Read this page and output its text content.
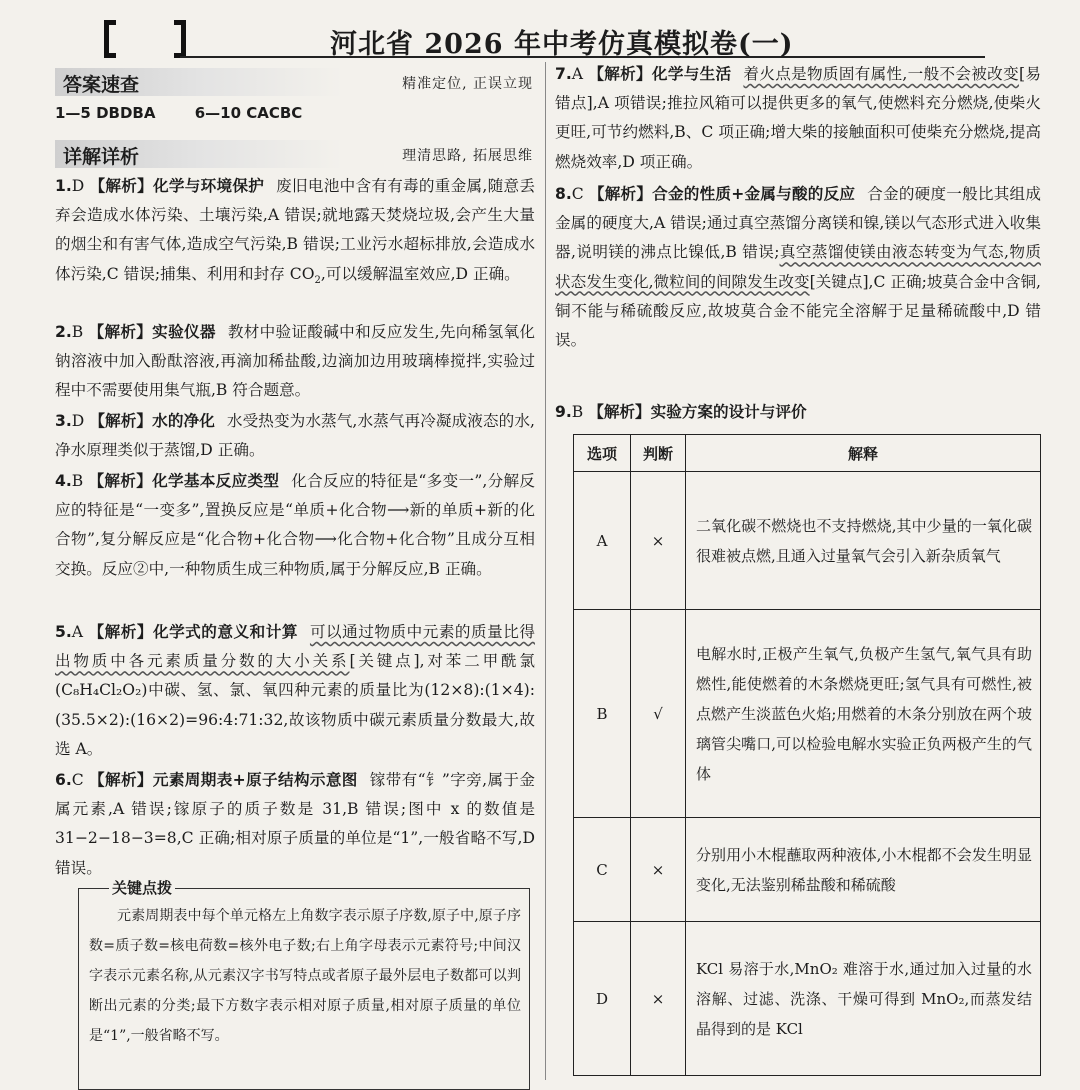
河北省 2026 年中考仿真模拟卷(一)
答案速查	精准定位, 正误立现
1—5 DBDBA	6—10 CACBC
详解详析	理清思路, 拓展思维
1.D 【解析】化学与环境保护 废旧电池中含有有毒的重金属,随意丢弃会造成水体污染、土壤污染,A 错误;就地露天焚烧垃圾,会产生大量的烟尘和有害气体,造成空气污染,B 错误;工业污水超标排放,会造成水体污染,C 错误;捕集、利用和封存 $CO_2$,可以缓解温室效应,D 正确。
2.B 【解析】实验仪器 教材中验证酸碱中和反应发生,先向稀氢氧化钠溶液中加入酚酞溶液,再滴加稀盐酸,边滴加边用玻璃棒搅拌,实验过程中不需要使用集气瓶,B 符合题意。
3.D 【解析】水的净化 水受热变为水蒸气,水蒸气再冷凝成液态的水,净水原理类似于蒸馏,D 正确。
4.B 【解析】化学基本反应类型 化合反应的特征是“多变一”,分解反应的特征是“一变多”,置换反应是“单质+化合物⟶新的单质+新的化合物”,复分解反应是“化合物+化合物⟶化合物+化合物”且成分互相交换。反应②中,一种物质生成三种物质,属于分解反应,B 正确。
5.A 【解析】化学式的意义和计算 可以通过物质中元素的质量比得出物质中各元素质量分数的大小关系[关键点],对苯二甲酰氯(C₈H₄Cl₂O₂)中碳、氢、氯、氧四种元素的质量比为(12×8):(1×4):(35.5×2):(16×2)=96:4:71:32,故该物质中碳元素质量分数最大,故选 A。
6.C 【解析】元素周期表+原子结构示意图 镓带有“钅”字旁,属于金属元素,A 错误;镓原子的质子数是 31,B 错误;图中 x 的数值是 31−2−18−3=8,C 正确;相对原子质量的单位是“1”,一般省略不写,D 错误。
关键点拨
元素周期表中每个单元格左上角数字表示原子序数,原子中,原子序数=质子数=核电荷数=核外电子数;右上角字母表示元素符号;中间汉字表示元素名称,从元素汉字书写特点或者原子最外层电子数都可以判断出元素的分类;最下方数字表示相对原子质量,相对原子质量的单位是“1”,一般省略不写。
7.A 【解析】化学与生活 着火点是物质固有属性,一般不会被改变[易错点],A 项错误;推拉风箱可以提供更多的氧气,使燃料充分燃烧,使柴火更旺,可节约燃料,B、C 项正确;增大柴的接触面积可使柴充分燃烧,提高燃烧效率,D 项正确。
8.C 【解析】合金的性质+金属与酸的反应 合金的硬度一般比其组成金属的硬度大,A 错误;通过真空蒸馏分离镁和镍,镁以气态形式进入收集器,说明镁的沸点比镍低,B 错误;真空蒸馏使镁由液态转变为气态,物质状态发生变化,微粒间的间隙发生改变[关键点],C 正确;坡莫合金中含铜,铜不能与稀硫酸反应,故坡莫合金不能完全溶解于足量稀硫酸中,D 错误。
9.B 【解析】实验方案的设计与评价
选项	判断	解释
A	×	二氧化碳不燃烧也不支持燃烧,其中少量的一氧化碳很难被点燃,且通入过量氧气会引入新杂质氧气
B	√	电解水时,正极产生氧气,负极产生氢气,氧气具有助燃性,能使燃着的木条燃烧更旺;氢气具有可燃性,被点燃产生淡蓝色火焰;用燃着的木条分别放在两个玻璃管尖嘴口,可以检验电解水实验正负两极产生的气体
C	×	分别用小木棍蘸取两种液体,小木棍都不会发生明显变化,无法鉴别稀盐酸和稀硫酸
D	×	KCl 易溶于水,MnO₂ 难溶于水,通过加入过量的水溶解、过滤、洗涤、干燥可得到 MnO₂,而蒸发结晶得到的是 KCl
